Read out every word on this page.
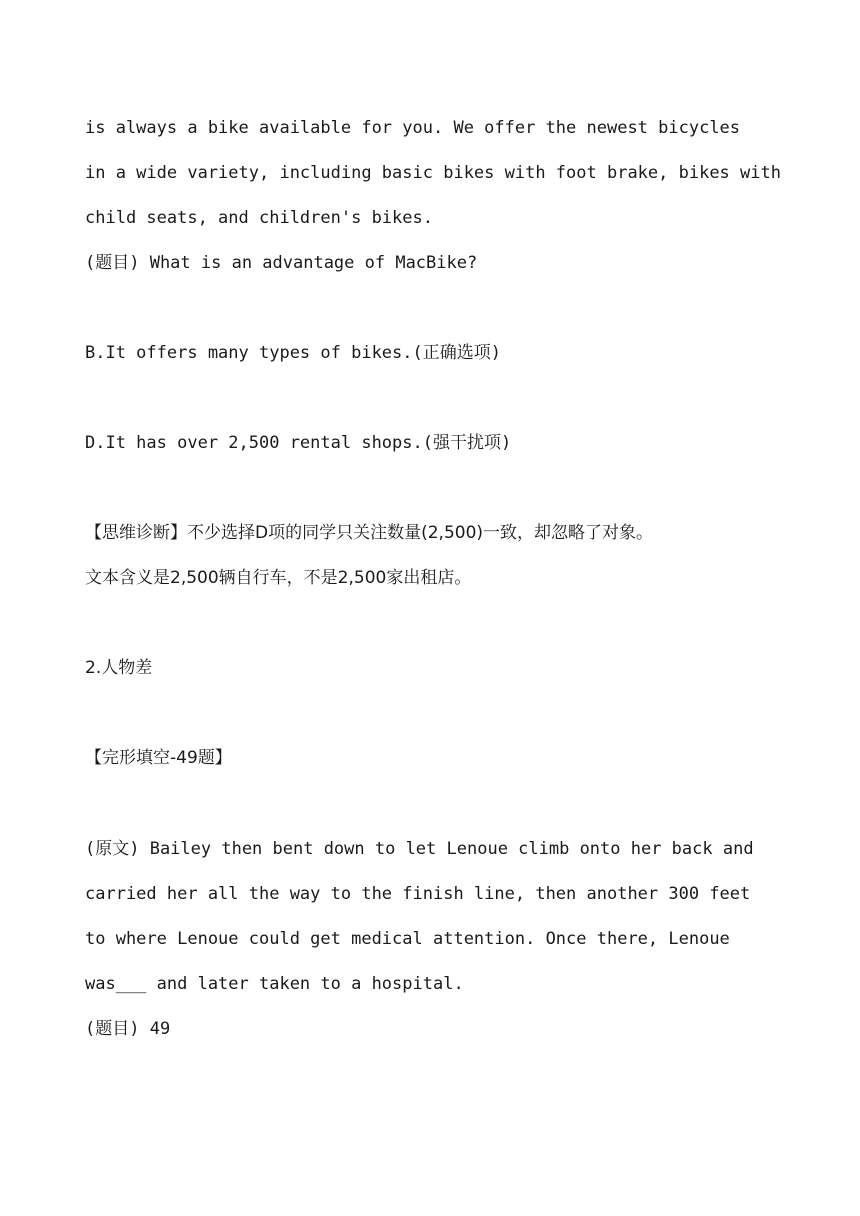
is always a bike available for you. We offer the newest bicycles
in a wide variety, including basic bikes with foot brake, bikes with
child seats, and children's bikes.
(题目) What is an advantage of MacBike?
B.It offers many types of bikes.(正确选项)
D.It has over 2,500 rental shops.(强干扰项)
【思维诊断】不少选择D项的同学只关注数量(2,500)一致，却忽略了对象。
文本含义是2,500辆自行车，不是2,500家出租店。
2.人物差
【完形填空-49题】
(原文) Bailey then bent down to let Lenoue climb onto her back and
carried her all the way to the finish line, then another 300 feet
to where Lenoue could get medical attention. Once there, Lenoue
was___ and later taken to a hospital.
(题目) 49
